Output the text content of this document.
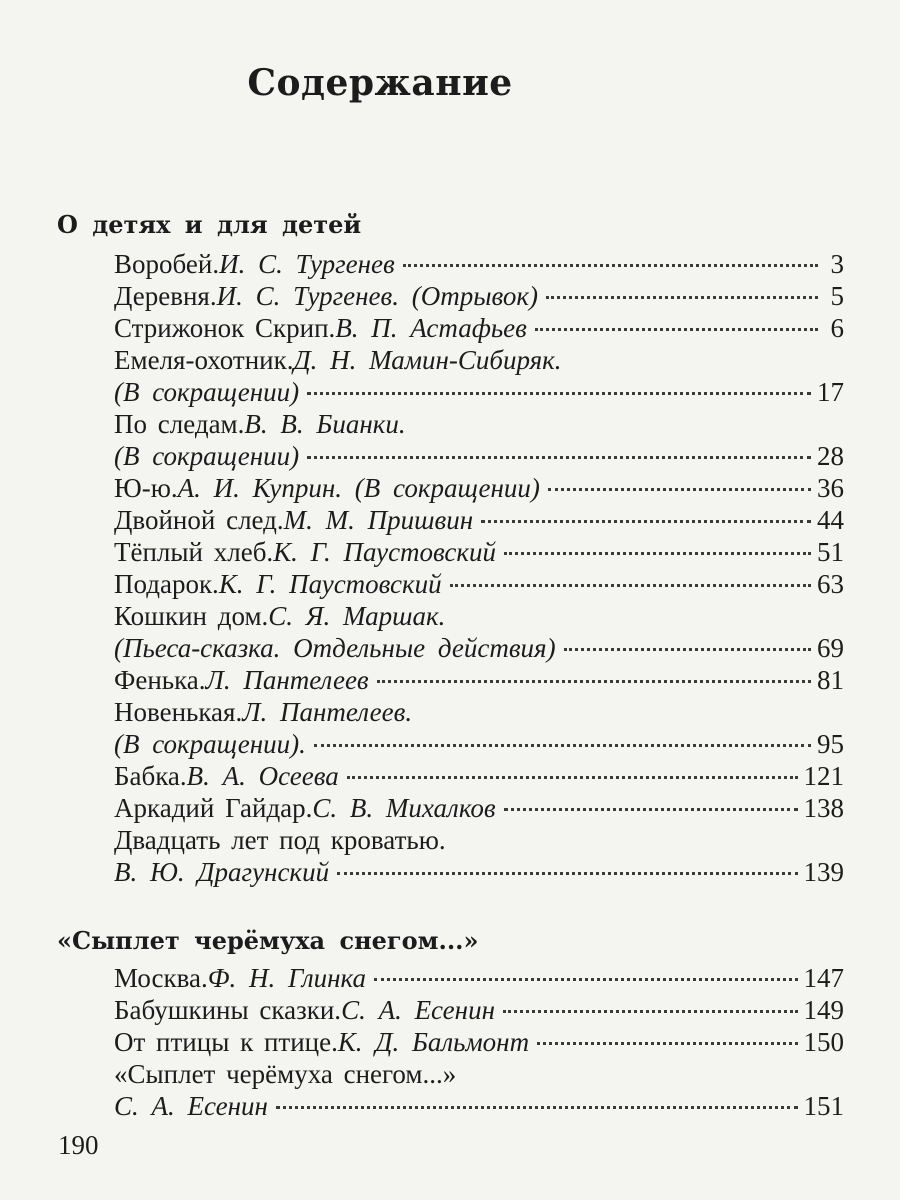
Содержание
О детях и для детей
Воробей. И. С. Тургенев	3
Деревня. И. С. Тургенев. (Отрывок)	5
Стрижонок Скрип. В. П. Астафьев	6
Емеля-охотник. Д. Н. Мамин-Сибиряк.
(В сокращении)	17
По следам. В. В. Бианки.
(В сокращении)	28
Ю-ю. А. И. Куприн. (В сокращении)	36
Двойной след. М. М. Пришвин	44
Тёплый хлеб. К. Г. Паустовский	51
Подарок. К. Г. Паустовский	63
Кошкин дом. С. Я. Маршак.
(Пьеса-сказка. Отдельные действия)	69
Фенька. Л. Пантелеев	81
Новенькая. Л. Пантелеев.
(В сокращении).	95
Бабка. В. А. Осеева	121
Аркадий Гайдар. С. В. Михалков	138
Двадцать лет под кроватью.
В. Ю. Драгунский	139
«Сыплет черёмуха снегом...»
Москва. Ф. Н. Глинка	147
Бабушкины сказки. С. А. Есенин	149
От птицы к птице. К. Д. Бальмонт	150
«Сыплет черёмуха снегом...»
С. А. Есенин	151
190
